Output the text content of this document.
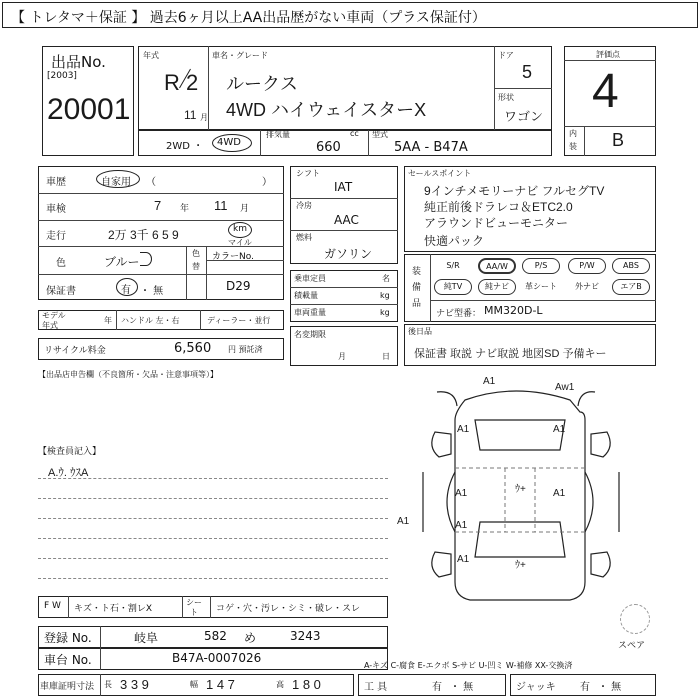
【 トレタマ＋保証 】 過去6ヶ月以上AA出品歴がない車両（プラス保証付）
出品No.
[2003]
20001
年式
R 2
11 月
車名・グレード
ルークス
4WD ハイウェイスターX
ドア
5
形状
ワゴン
評価点
4
内
装 B
2WD ・ 4WD
排気量	cc
660
型式
5AA - B47A
車歴	自家用 （	）
車検	7 年 11 月
走行	2万 3千 6 5 9	km
マイル
色	ブルー
色
替
カラーNo.
D29
保証書	有 ・ 無
モデル
年式
年 ハンドル 左・右	ディーラー・並行
リサイクル料金	6,560 円 預託済
シフト
IAT
冷房
AAC
燃料
ガソリン
乗車定員	名
積載量	kg
車両重量	kg
名変期限
月	日
セールスポイント
9インチメモリーナビ フルセグTV
純正前後ドラレコ＆ETC2.0
アラウンドビューモニター
快適パック
装
備
品
S/R	AA/W	P/S	P/W	ABS
純TV	純ナビ	革シート	外ナビ	エアB
ナビ型番： MM320D-L
後日品
保証書 取説 ナビ取説 地図SD 予備キー
【出品店申告欄（不良箇所・欠品・注意事項等）】
【検査員記入】
A.ｳ. ｳｽA
A1
Aw1
A1
A1
A1
A1
A1
A1
A1
ｳ+
ｳ+
スペア
F W キズ・ト石・割レX
シー
ト コゲ・穴・汚レ・シミ・破レ・スレ
登録 No.	岐阜	582 め	3243
車台 No.	B47A-0007026
A-キズ C-腐食 E-エクボ S-サビ U-凹ミ W-補修 XX-交換済
車庫証明寸法 長 3 3 9	幅 1 4 7	高 1 8 0	工 具	有 ・ 無	ジャッキ 有 ・ 無
